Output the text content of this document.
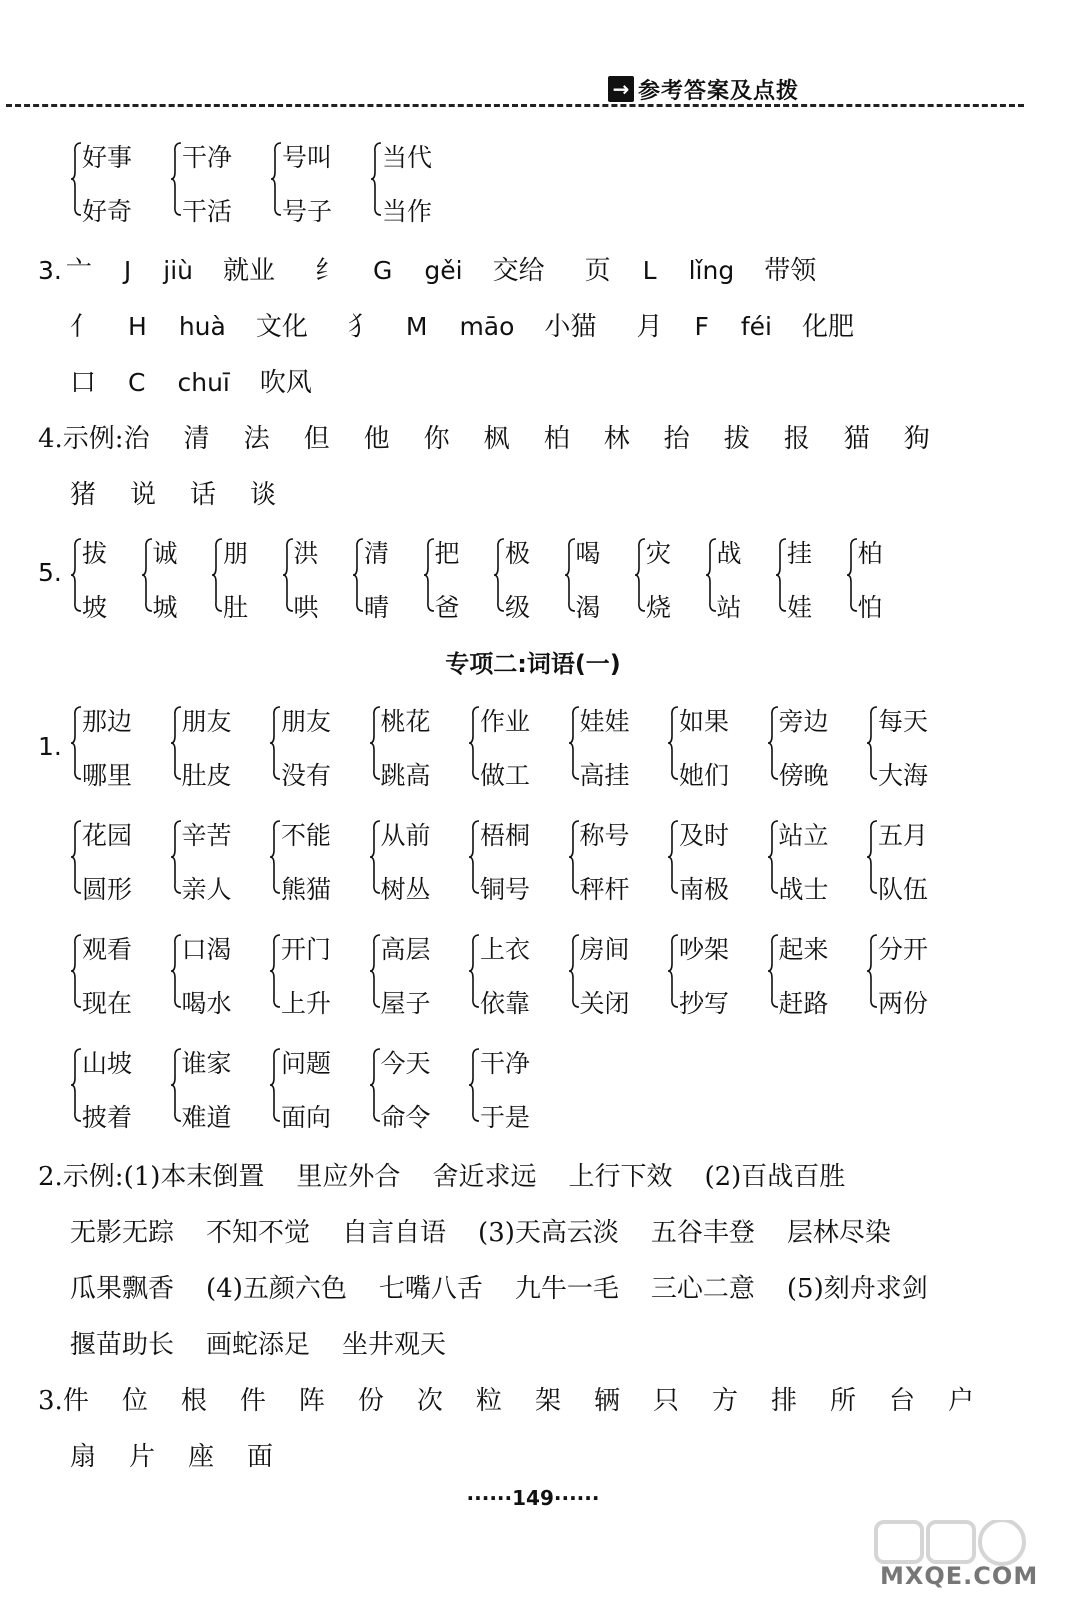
→ 参考答案及点拨
好事
好奇
干净
干活
号叫
号子
当代
当作
3. 亠 J jiù 就业 纟 G gěi 交给 页 L lǐng 带领
亻 H huà 文化 犭 M māo 小猫 月 F féi 化肥
口 C chuī 吹风
4.示例:治 清 法 但 他 你 枫 柏 林 抬 拔 报 猫 狗
猪 说 话 谈
5.
拔
坡
诚
城
朋
肚
洪
哄
清
晴
把
爸
极
级
喝
渴
灾
烧
战
站
挂
娃
柏
怕
专项二:词语(一)
1.
那边
哪里
朋友
肚皮
朋友
没有
桃花
跳高
作业
做工
娃娃
高挂
如果
她们
旁边
傍晚
每天
大海
花园
圆形
辛苦
亲人
不能
熊猫
从前
树丛
梧桐
铜号
称号
秤杆
及时
南极
站立
战士
五月
队伍
观看
现在
口渴
喝水
开门
上升
高层
屋子
上衣
依靠
房间
关闭
吵架
抄写
起来
赶路
分开
两份
山坡
披着
谁家
难道
问题
面向
今天
命令
干净
于是
2.示例:(1)本末倒置 里应外合 舍近求远 上行下效 (2)百战百胜
无影无踪 不知不觉 自言自语 (3)天高云淡 五谷丰登 层林尽染
瓜果飘香 (4)五颜六色 七嘴八舌 九牛一毛 三心二意 (5)刻舟求剑
揠苗助长 画蛇添足 坐井观天
3.件 位 根 件 阵 份 次 粒 架 辆 只 方 排 所 台 户
扇 片 座 面
······149······
MXQE.COM
